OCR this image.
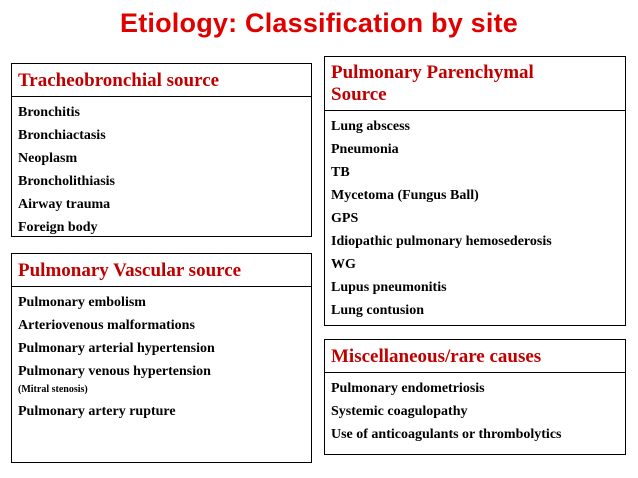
Etiology: Classification by site
Tracheobronchial source
Bronchitis
Bronchiactasis
Neoplasm
Broncholithiasis
Airway trauma
Foreign body
Pulmonary Vascular source
Pulmonary embolism
Arteriovenous malformations
Pulmonary arterial hypertension
Pulmonary venous hypertension
(Mitral stenosis)
Pulmonary artery rupture
Pulmonary Parenchymal
Source
Lung abscess
Pneumonia
TB
Mycetoma (Fungus Ball)
GPS
Idiopathic pulmonary hemosederosis
WG
Lupus pneumonitis
Lung contusion
Miscellaneous/rare causes
Pulmonary endometriosis
Systemic coagulopathy
Use of anticoagulants or thrombolytics
